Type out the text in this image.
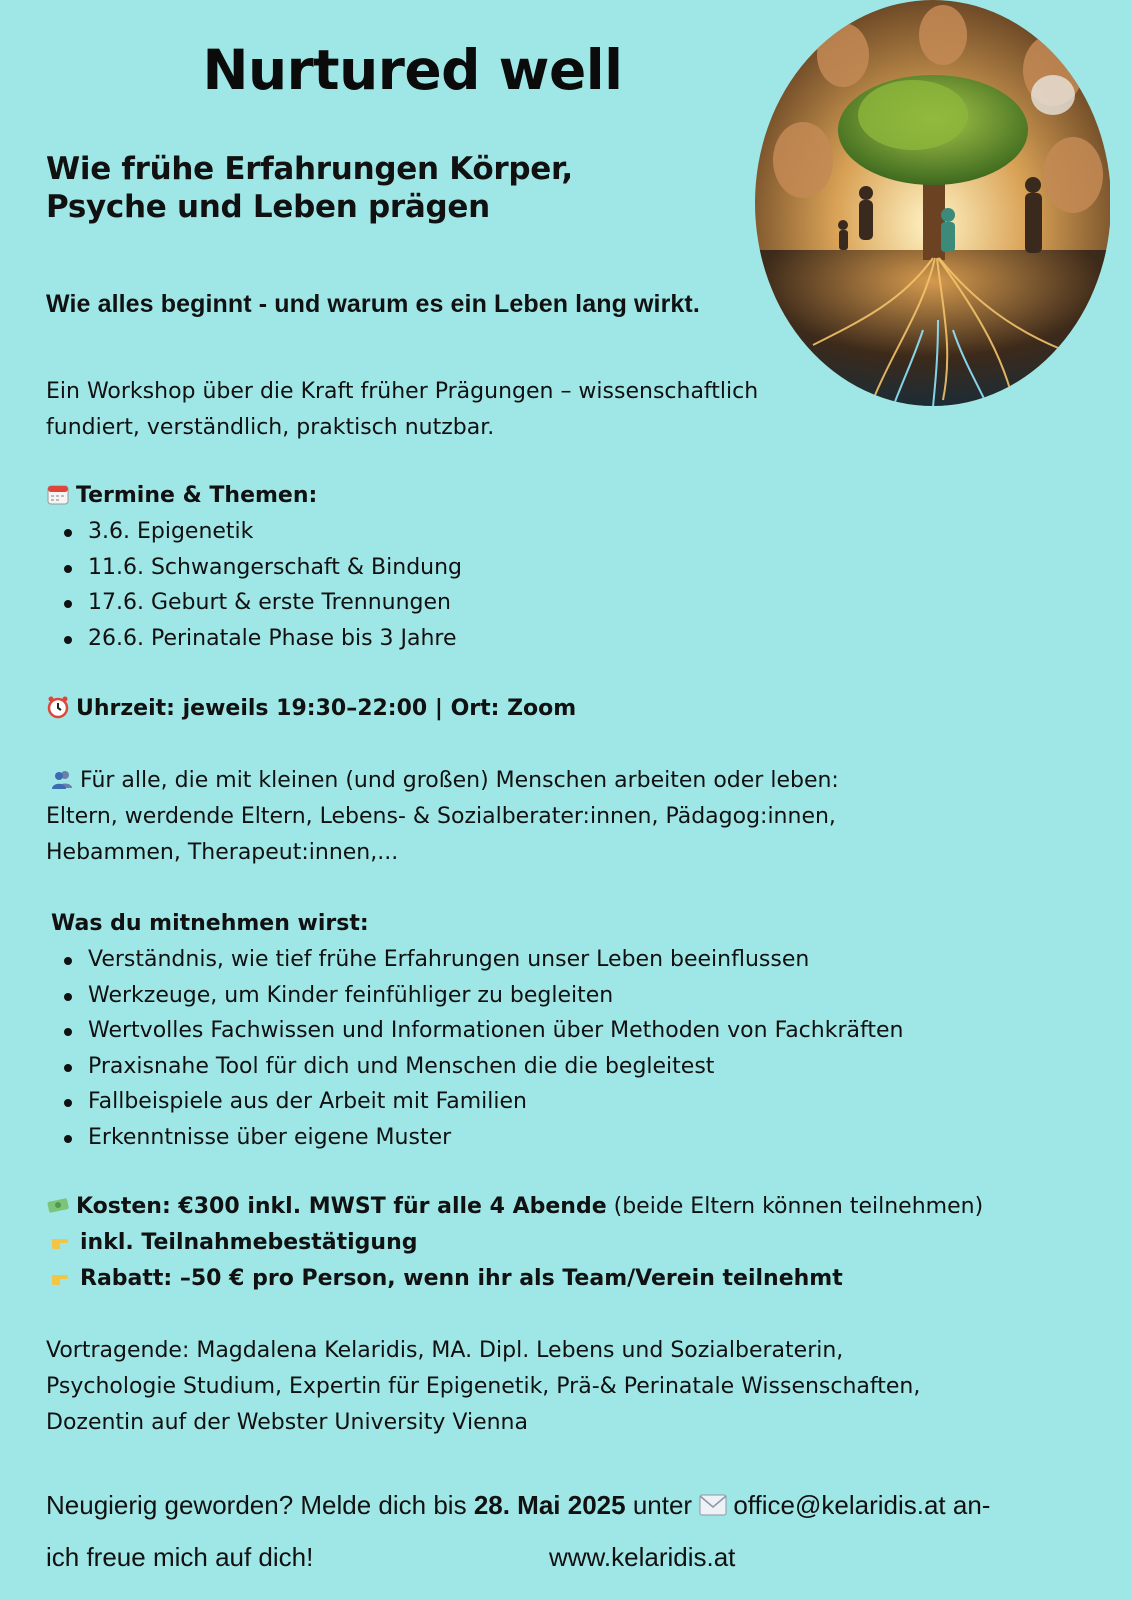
Nurtured well
Wie frühe Erfahrungen Körper,
Psyche und Leben prägen
Wie alles beginnt - und warum es ein Leben lang wirkt.
Ein Workshop über die Kraft früher Prägungen – wissenschaftlich
fundiert, verständlich, praktisch nutzbar.
Termine & Themen:
3.6. Epigenetik
11.6. Schwangerschaft & Bindung
17.6. Geburt & erste Trennungen
26.6. Perinatale Phase bis 3 Jahre
Uhrzeit: jeweils 19:30–22:00 | Ort: Zoom
Für alle, die mit kleinen (und großen) Menschen arbeiten oder leben:
Eltern, werdende Eltern, Lebens- & Sozialberater:innen, Pädagog:innen,
Hebammen, Therapeut:innen,...
Was du mitnehmen wirst:
Verständnis, wie tief frühe Erfahrungen unser Leben beeinflussen
Werkzeuge, um Kinder feinfühliger zu begleiten
Wertvolles Fachwissen und Informationen über Methoden von Fachkräften
Praxisnahe Tool für dich und Menschen die die begleitest
Fallbeispiele aus der Arbeit mit Familien
Erkenntnisse über eigene Muster
Kosten: €300 inkl. MWST für alle 4 Abende (beide Eltern können teilnehmen)
inkl. Teilnahmebestätigung
Rabatt: –50 € pro Person, wenn ihr als Team/Verein teilnehmt
Vortragende: Magdalena Kelaridis, MA. Dipl. Lebens und Sozialberaterin,
Psychologie Studium, Expertin für Epigenetik, Prä-& Perinatale Wissenschaften,
Dozentin auf der Webster University Vienna
Neugierig geworden? Melde dich bis 28. Mai 2025 unter office@kelaridis.at an-
ich freue mich auf dich!	www.kelaridis.at
